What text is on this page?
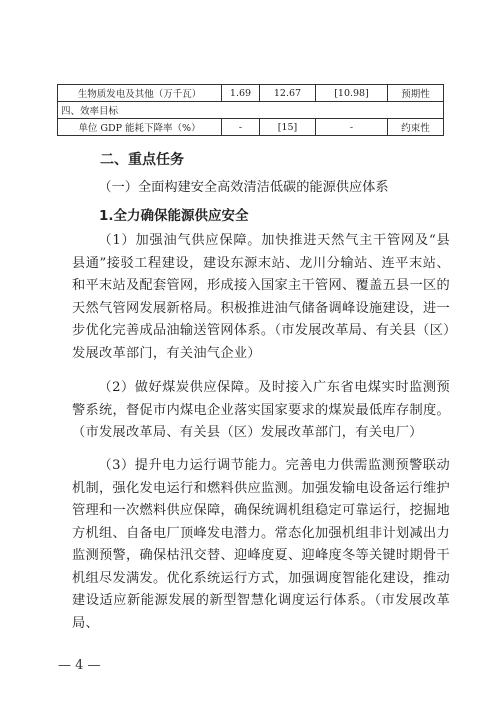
生物质发电及其他（万千瓦）	1.69	12.67	[10.98]	预期性
四、效率目标
单位 GDP 能耗下降率（%）	-	[15]	-	约束性
二、重点任务
（一）全面构建安全高效清洁低碳的能源供应体系
1.全力确保能源供应安全
（1）加强油气供应保障。加快推进天然气主干管网及“县县通”接驳工程建设，建设东源末站、龙川分输站、连平末站、和平末站及配套管网，形成接入国家主干管网、覆盖五县一区的天然气管网发展新格局。积极推进油气储备调峰设施建设，进一步优化完善成品油输送管网体系。（市发展改革局、有关县（区）发展改革部门，有关油气企业）
（2）做好煤炭供应保障。及时接入广东省电煤实时监测预警系统，督促市内煤电企业落实国家要求的煤炭最低库存制度。（市发展改革局、有关县（区）发展改革部门，有关电厂）
（3）提升电力运行调节能力。完善电力供需监测预警联动机制，强化发电运行和燃料供应监测。加强发输电设备运行维护管理和一次燃料供应保障，确保统调机组稳定可靠运行，挖掘地方机组、自备电厂顶峰发电潜力。常态化加强机组非计划减出力监测预警，确保枯汛交替、迎峰度夏、迎峰度冬等关键时期骨干机组尽发满发。优化系统运行方式，加强调度智能化建设，推动建设适应新能源发展的新型智慧化调度运行体系。（市发展改革局、
— 4 —
